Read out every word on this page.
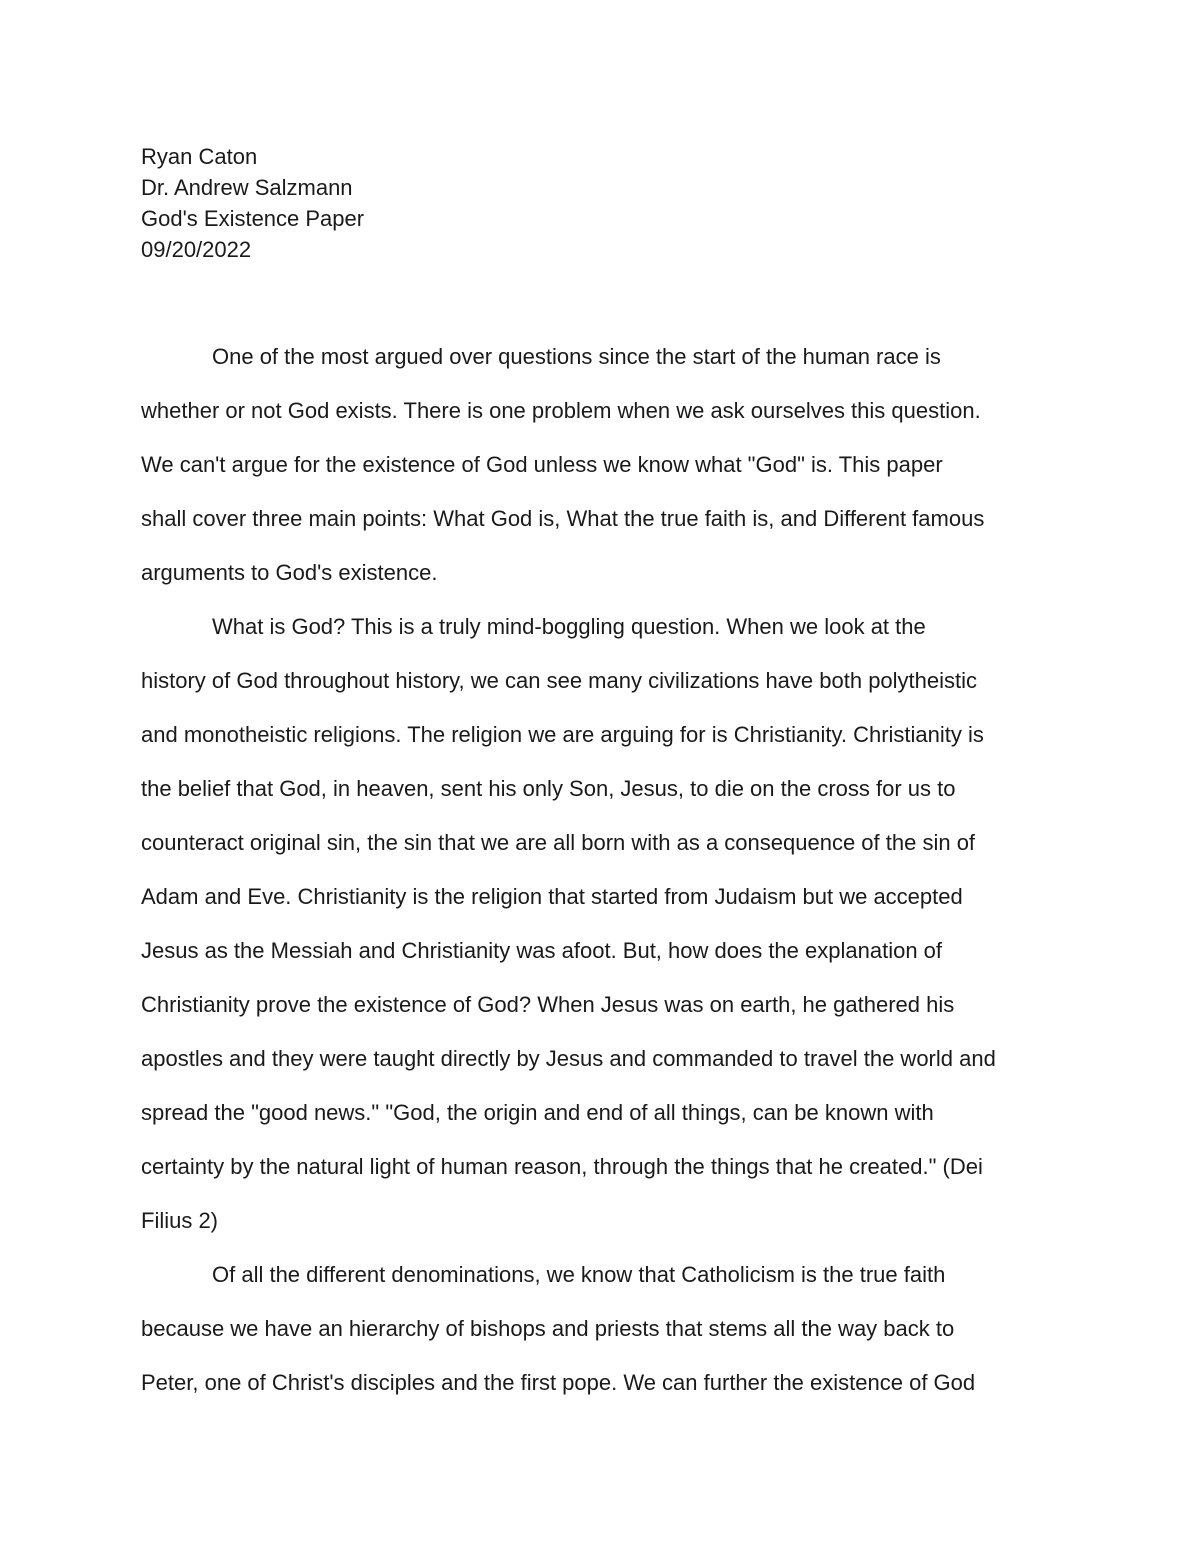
Ryan Caton
Dr. Andrew Salzmann
God's Existence Paper
09/20/2022
One of the most argued over questions since the start of the human race is
whether or not God exists. There is one problem when we ask ourselves this question.
We can't argue for the existence of God unless we know what "God" is. This paper
shall cover three main points: What God is, What the true faith is, and Different famous
arguments to God's existence.
What is God? This is a truly mind-boggling question. When we look at the
history of God throughout history, we can see many civilizations have both polytheistic
and monotheistic religions. The religion we are arguing for is Christianity. Christianity is
the belief that God, in heaven, sent his only Son, Jesus, to die on the cross for us to
counteract original sin, the sin that we are all born with as a consequence of the sin of
Adam and Eve. Christianity is the religion that started from Judaism but we accepted
Jesus as the Messiah and Christianity was afoot. But, how does the explanation of
Christianity prove the existence of God? When Jesus was on earth, he gathered his
apostles and they were taught directly by Jesus and commanded to travel the world and
spread the "good news." "God, the origin and end of all things, can be known with
certainty by the natural light of human reason, through the things that he created." (Dei
Filius 2)
Of all the different denominations, we know that Catholicism is the true faith
because we have an hierarchy of bishops and priests that stems all the way back to
Peter, one of Christ's disciples and the first pope. We can further the existence of God
